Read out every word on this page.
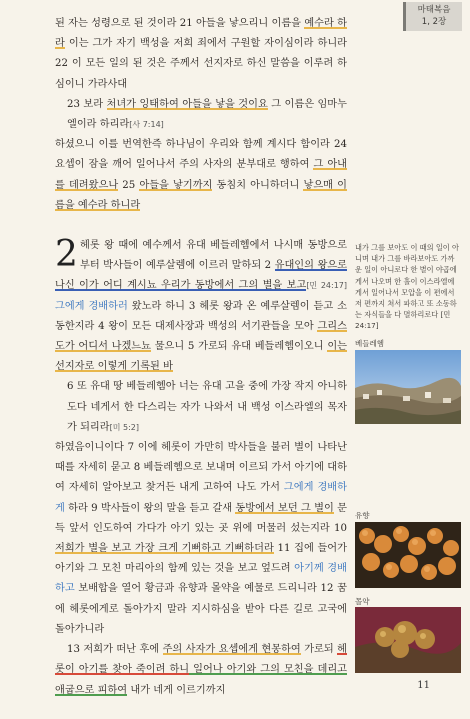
마태복음
1, 2장

된 자는 성령으로 된 것이라 21 아들을 낳으리니 이름을 예수라 하라 이는 그가 자기 백성을 저희 죄에서 구원할 자이심이라 하니라 22 이 모든 일의 된 것은 주께서 선지자로 하신 말씀을 이루려 하심이니 가라사대

23 보라 처녀가 잉태하여 아들을 낳을 것이요 그 이름은 임마누엘이라 하리라[사 7:14]

하셨으니 이를 번역한즉 하나님이 우리와 함께 계시다 함이라 24 요셉이 잠을 깨어 일어나서 주의 사자의 분부대로 행하여 그 아내를 데려왔으나 25 아들을 낳기까지 동침치 아니하더니 낳으매 이름을 예수라 하니라

2 헤롯 왕 때에 예수께서 유대 베들레헴에서 나시매 동방으로부터 박사들이 예루살렘에 이르러 말하되 2 유대인의 왕으로 나신 이가 어디 계시뇨 우리가 동방에서 그의 별을 보고[민 24:17] 그에게 경배하러 왔노라 하니 3 헤롯 왕과 온 예루살렘이 듣고 소동한지라 4 왕이 모든 대제사장과 백성의 서기관들을 모아 그리스도가 어디서 나겠느뇨 물으니 5 가로되 유대 베들레헴이오니 이는 선지자로 이렇게 기록된 바

6 또 유대 땅 베들레헴아 너는 유대 고을 중에 가장 작지 아니하도다 네게서 한 다스리는 자가 나와서 내 백성 이스라엘의 목자가 되리라[미 5:2]

하였음이니이다 7 이에 헤롯이 가만히 박사들을 불러 별이 나타난 때를 자세히 묻고 8 베들레헴으로 보내며 이르되 가서 아기에 대하여 자세히 알아보고 찾거든 내게 고하여 나도 가서 그에게 경배하게 하라 9 박사들이 왕의 말을 듣고 갈새 동방에서 보던 그 별이 문득 앞서 인도하여 가다가 아기 있는 곳 위에 머물러 섰는지라 10 저희가 별을 보고 가장 크게 기뻐하고 기뻐하더라 11 집에 들어가 아기와 그 모친 마리아의 함께 있는 것을 보고 엎드려 아기께 경배하고 보배합을 열어 황금과 유향과 몰약을 예물로 드리니라 12 꿈에 헤롯에게로 돌아가지 말라 지시하심을 받아 다른 길로 고국에 돌아가니라

13 저희가 떠난 후에 주의 사자가 요셉에게 현몽하여 가로되 헤롯이 아기를 찾아 죽이려 하니 일어나 아기와 그의 모친을 데리고 애굽으로 피하여 내가 네게 이르기까지

내가 그를 보아도 이 때의 일이 아니며 내가 그를 바라보아도 가까운 일이 아니로다 한 별이 야곱에게서 나오며 한 홀이 이스라엘에게서 일어나서 모압을 이 편에서 저 편까지 쳐서 파하고 또 소동하는 자식들을 다 멸하리로다 [민 24:17]
베들레헴
유향
몰약
11
